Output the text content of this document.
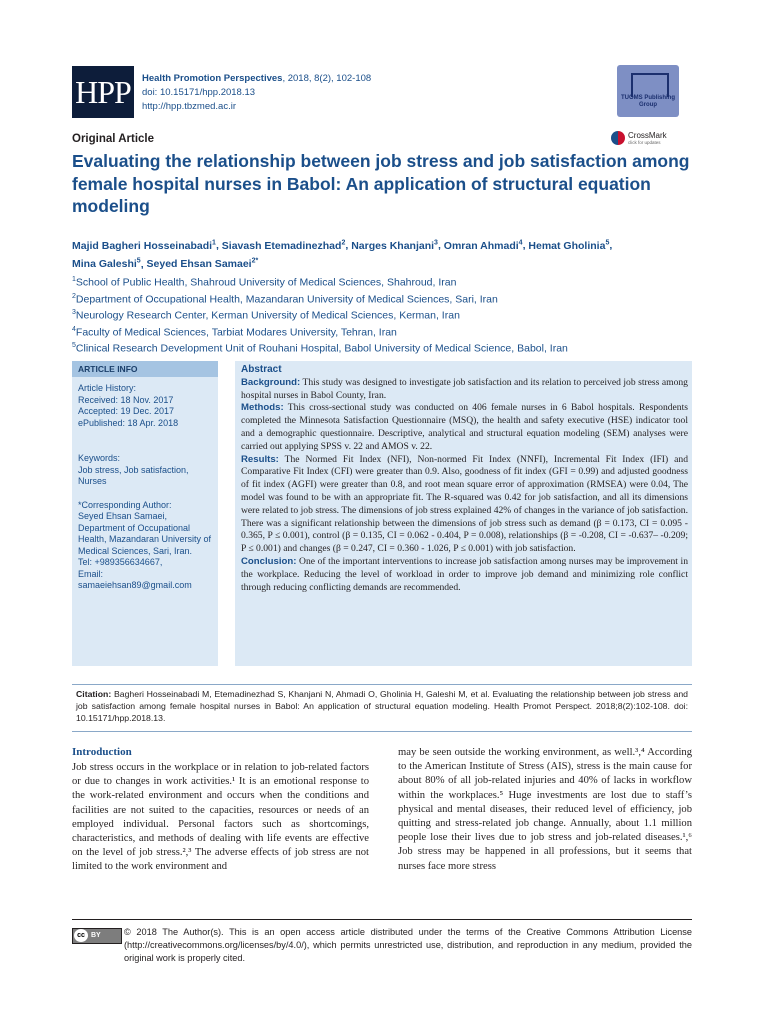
HPP	Health Promotion Perspectives, 2018, 8(2), 102-108
doi: 10.15171/hpp.2018.13
http://hpp.tbzmed.ac.ir
TUOMS Publishing Group
Original Article	CrossMark
click for updates
Evaluating the relationship between job stress and job satisfaction among female hospital nurses in Babol: An application of structural equation modeling
Majid Bagheri Hosseinabadi$^1$, Siavash Etemadinezhad$^2$, Narges Khanjani$^3$, Omran Ahmadi$^4$, Hemat Gholinia$^5$,
Mina Galeshi$^5$, Seyed Ehsan Samaei$^{2*}$
$^1$School of Public Health, Shahroud University of Medical Sciences, Shahroud, Iran
$^2$Department of Occupational Health, Mazandaran University of Medical Sciences, Sari, Iran
$^3$Neurology Research Center, Kerman University of Medical Sciences, Kerman, Iran
$^4$Faculty of Medical Sciences, Tarbiat Modares University, Tehran, Iran
$^5$Clinical Research Development Unit of Rouhani Hospital, Babol University of Medical Science, Babol, Iran
ARTICLE INFO
Article History:
Received: 18 Nov. 2017
Accepted: 19 Dec. 2017
ePublished: 18 Apr. 2018
Keywords:
Job stress, Job satisfaction, Nurses
*Corresponding Author:
Seyed Ehsan Samaei,
Department of Occupational Health, Mazandaran University of Medical Sciences, Sari, Iran.
Tel: +989356634667,
Email:
samaeiehsan89@gmail.com
Abstract
Background: This study was designed to investigate job satisfaction and its relation to perceived job stress among hospital nurses in Babol County, Iran.
Methods: This cross-sectional study was conducted on 406 female nurses in 6 Babol hospitals. Respondents completed the Minnesota Satisfaction Questionnaire (MSQ), the health and safety executive (HSE) indicator tool and a demographic questionnaire. Descriptive, analytical and structural equation modeling (SEM) analyses were carried out applying SPSS v. 22 and AMOS v. 22.
Results: The Normed Fit Index (NFI), Non-normed Fit Index (NNFI), Incremental Fit Index (IFI) and Comparative Fit Index (CFI) were greater than 0.9. Also, goodness of fit index (GFI = 0.99) and adjusted goodness of fit index (AGFI) were greater than 0.8, and root mean square error of approximation (RMSEA) were 0.04, The model was found to be with an appropriate fit. The R-squared was 0.42 for job satisfaction, and all its dimensions were related to job stress. The dimensions of job stress explained 42% of changes in the variance of job satisfaction. There was a significant relationship between the dimensions of job stress such as demand (β = 0.173, CI = 0.095 - 0.365, P ≤ 0.001), control (β = 0.135, CI = 0.062 - 0.404, P = 0.008), relationships (β = -0.208, CI = -0.637– -0.209; P ≤ 0.001) and changes (β = 0.247, CI = 0.360 - 1.026, P ≤ 0.001) with job satisfaction.
Conclusion: One of the important interventions to increase job satisfaction among nurses may be improvement in the workplace. Reducing the level of workload in order to improve job demand and minimizing role conflict through reducing conflicting demands are recommended.
Citation: Bagheri Hosseinabadi M, Etemadinezhad S, Khanjani N, Ahmadi O, Gholinia H, Galeshi M, et al. Evaluating the relationship between job stress and job satisfaction among female hospital nurses in Babol: An application of structural equation modeling. Health Promot Perspect. 2018;8(2):102-108. doi: 10.15171/hpp.2018.13.
Introduction
Job stress occurs in the workplace or in relation to job-related factors or due to changes in work activities.¹ It is an emotional response to the work-related environment and occurs when the conditions and facilities are not suited to the capacities, resources or needs of an employed individual. Personal factors such as shortcomings, characteristics, and methods of dealing with life events are effective on the level of job stress.²,³ The adverse effects of job stress are not limited to the work environment and
may be seen outside the working environment, as well.³,⁴ According to the American Institute of Stress (AIS), stress is the main cause for about 80% of all job-related injuries and 40% of lacks in workflow within the workplaces.⁵ Huge investments are lost due to staff’s physical and mental diseases, their reduced level of efficiency, job quitting and stress-related job change. Annually, about 1.1 million people lose their lives due to job stress and job-related diseases.¹,⁶ Job stress may be happened in all professions, but it seems that nurses face more stress
cc BY	© 2018 The Author(s). This is an open access article distributed under the terms of the Creative Commons Attribution License (http://creativecommons.org/licenses/by/4.0/), which permits unrestricted use, distribution, and reproduction in any medium, provided the original work is properly cited.
